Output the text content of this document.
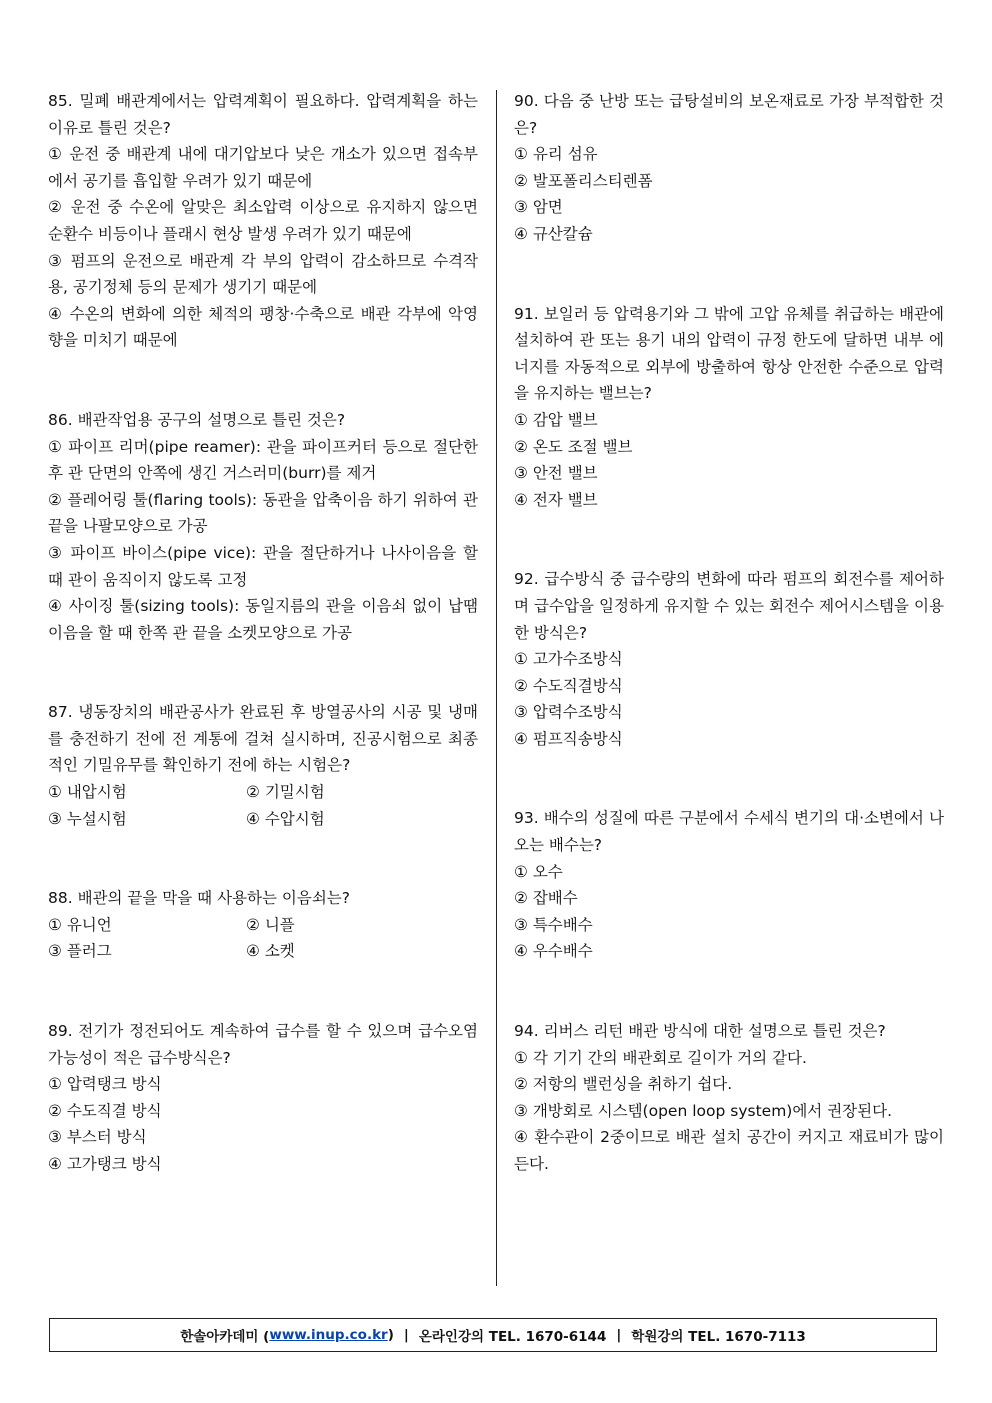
85. 밀폐 배관계에서는 압력계획이 필요하다. 압력계획을 하는 이유로 틀린 것은?
① 운전 중 배관계 내에 대기압보다 낮은 개소가 있으면 접속부에서 공기를 흡입할 우려가 있기 때문에
② 운전 중 수온에 알맞은 최소압력 이상으로 유지하지 않으면 순환수 비등이나 플래시 현상 발생 우려가 있기 때문에
③ 펌프의 운전으로 배관계 각 부의 압력이 감소하므로 수격작용, 공기정체 등의 문제가 생기기 때문에
④ 수온의 변화에 의한 체적의 팽창·수축으로 배관 각부에 악영향을 미치기 때문에
86. 배관작업용 공구의 설명으로 틀린 것은?
① 파이프 리머(pipe reamer): 관을 파이프커터 등으로 절단한 후 관 단면의 안쪽에 생긴 거스러미(burr)를 제거
② 플레어링 툴(flaring tools): 동관을 압축이음 하기 위하여 관 끝을 나팔모양으로 가공
③ 파이프 바이스(pipe vice): 관을 절단하거나 나사이음을 할 때 관이 움직이지 않도록 고정
④ 사이징 툴(sizing tools): 동일지름의 관을 이음쇠 없이 납땜이음을 할 때 한쪽 관 끝을 소켓모양으로 가공
87. 냉동장치의 배관공사가 완료된 후 방열공사의 시공 및 냉매를 충전하기 전에 전 계통에 걸쳐 실시하며, 진공시험으로 최종적인 기밀유무를 확인하기 전에 하는 시험은?
① 내압시험	② 기밀시험
③ 누설시험	④ 수압시험
88. 배관의 끝을 막을 때 사용하는 이음쇠는?
① 유니언	② 니플
③ 플러그	④ 소켓
89. 전기가 정전되어도 계속하여 급수를 할 수 있으며 급수오염 가능성이 적은 급수방식은?
① 압력탱크 방식
② 수도직결 방식
③ 부스터 방식
④ 고가탱크 방식
90. 다음 중 난방 또는 급탕설비의 보온재료로 가장 부적합한 것은?
① 유리 섬유
② 발포폴리스티렌폼
③ 암면
④ 규산칼슘
91. 보일러 등 압력용기와 그 밖에 고압 유체를 취급하는 배관에 설치하여 관 또는 용기 내의 압력이 규정 한도에 달하면 내부 에너지를 자동적으로 외부에 방출하여 항상 안전한 수준으로 압력을 유지하는 밸브는?
① 감압 밸브
② 온도 조절 밸브
③ 안전 밸브
④ 전자 밸브
92. 급수방식 중 급수량의 변화에 따라 펌프의 회전수를 제어하며 급수압을 일정하게 유지할 수 있는 회전수 제어시스템을 이용한 방식은?
① 고가수조방식
② 수도직결방식
③ 압력수조방식
④ 펌프직송방식
93. 배수의 성질에 따른 구분에서 수세식 변기의 대·소변에서 나오는 배수는?
① 오수
② 잡배수
③ 특수배수
④ 우수배수
94. 리버스 리턴 배관 방식에 대한 설명으로 틀린 것은?
① 각 기기 간의 배관회로 길이가 거의 같다.
② 저항의 밸런싱을 취하기 쉽다.
③ 개방회로 시스템(open loop system)에서 권장된다.
④ 환수관이 2중이므로 배관 설치 공간이 커지고 재료비가 많이 든다.
한솔아카데미 ( www.inup.co.kr ) | 온라인강의 TEL. 1670-6144 | 학원강의 TEL. 1670-7113
